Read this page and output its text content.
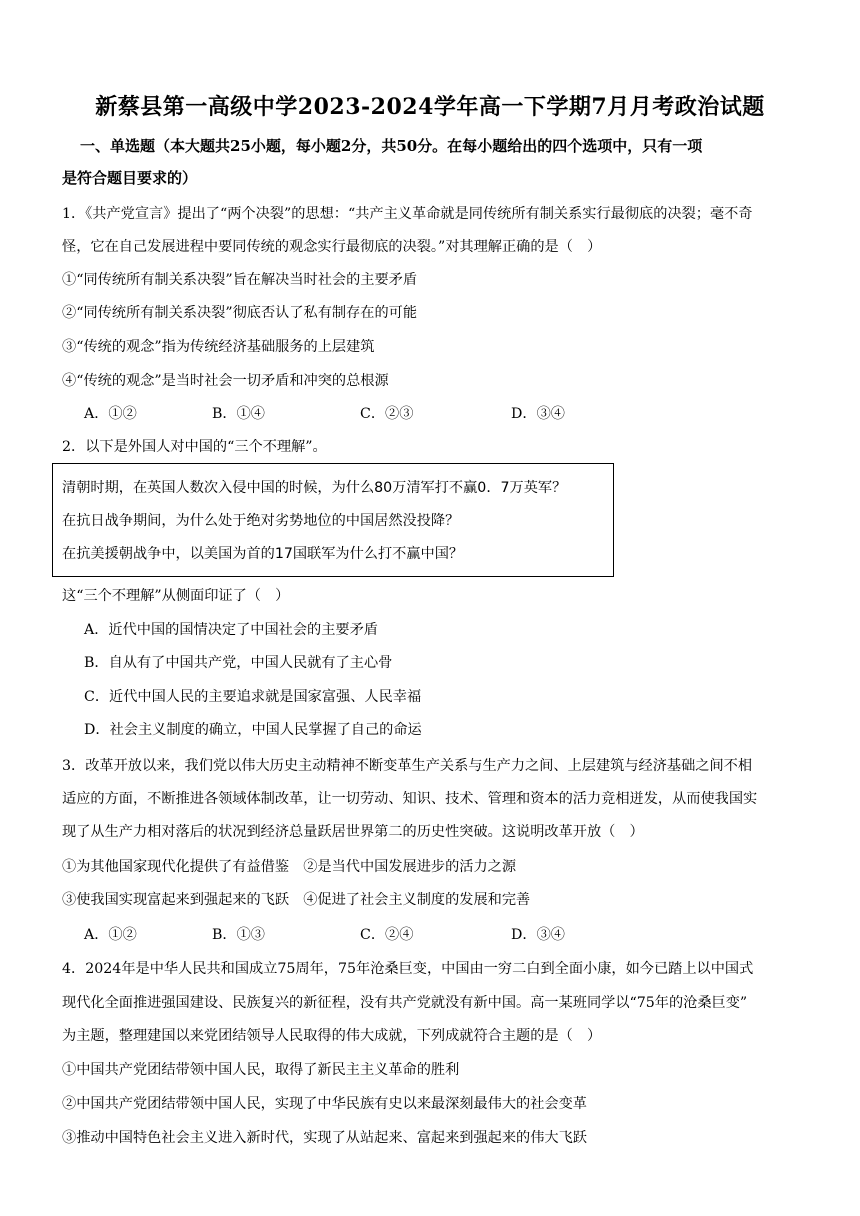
新蔡县第一高级中学2023-2024学年高一下学期7月月考政治试题
一、单选题（本大题共25小题，每小题2分，共50分。在每小题给出的四个选项中，只有一项
是符合题目要求的）
1．《共产党宣言》提出了“两个决裂”的思想：“共产主义革命就是同传统所有制关系实行最彻底的决裂；毫不奇
怪，它在自己发展进程中要同传统的观念实行最彻底的决裂。”对其理解正确的是（　）
①“同传统所有制关系决裂”旨在解决当时社会的主要矛盾
②“同传统所有制关系决裂”彻底否认了私有制存在的可能
③“传统的观念”指为传统经济基础服务的上层建筑
④“传统的观念”是当时社会一切矛盾和冲突的总根源
A．①②	B．①④	C．②③	D．③④
2．以下是外国人对中国的“三个不理解”。
清朝时期，在英国人数次入侵中国的时候，为什么80万清军打不赢0．7万英军？
在抗日战争期间，为什么处于绝对劣势地位的中国居然没投降？
在抗美援朝战争中，以美国为首的17国联军为什么打不赢中国？
这“三个不理解”从侧面印证了（　）
A．近代中国的国情决定了中国社会的主要矛盾
B．自从有了中国共产党，中国人民就有了主心骨
C．近代中国人民的主要追求就是国家富强、人民幸福
D．社会主义制度的确立，中国人民掌握了自己的命运
3．改革开放以来，我们党以伟大历史主动精神不断变革生产关系与生产力之间、上层建筑与经济基础之间不相
适应的方面，不断推进各领域体制改革，让一切劳动、知识、技术、管理和资本的活力竞相迸发，从而使我国实
现了从生产力相对落后的状况到经济总量跃居世界第二的历史性突破。这说明改革开放（　）
①为其他国家现代化提供了有益借鉴　②是当代中国发展进步的活力之源
③使我国实现富起来到强起来的飞跃　④促进了社会主义制度的发展和完善
A．①②	B．①③	C．②④	D．③④
4．2024年是中华人民共和国成立75周年，75年沧桑巨变，中国由一穷二白到全面小康，如今已踏上以中国式
现代化全面推进强国建设、民族复兴的新征程，没有共产党就没有新中国。高一某班同学以“75年的沧桑巨变”
为主题，整理建国以来党团结领导人民取得的伟大成就，下列成就符合主题的是（　）
①中国共产党团结带领中国人民，取得了新民主主义革命的胜利
②中国共产党团结带领中国人民，实现了中华民族有史以来最深刻最伟大的社会变革
③推动中国特色社会主义进入新时代，实现了从站起来、富起来到强起来的伟大飞跃
